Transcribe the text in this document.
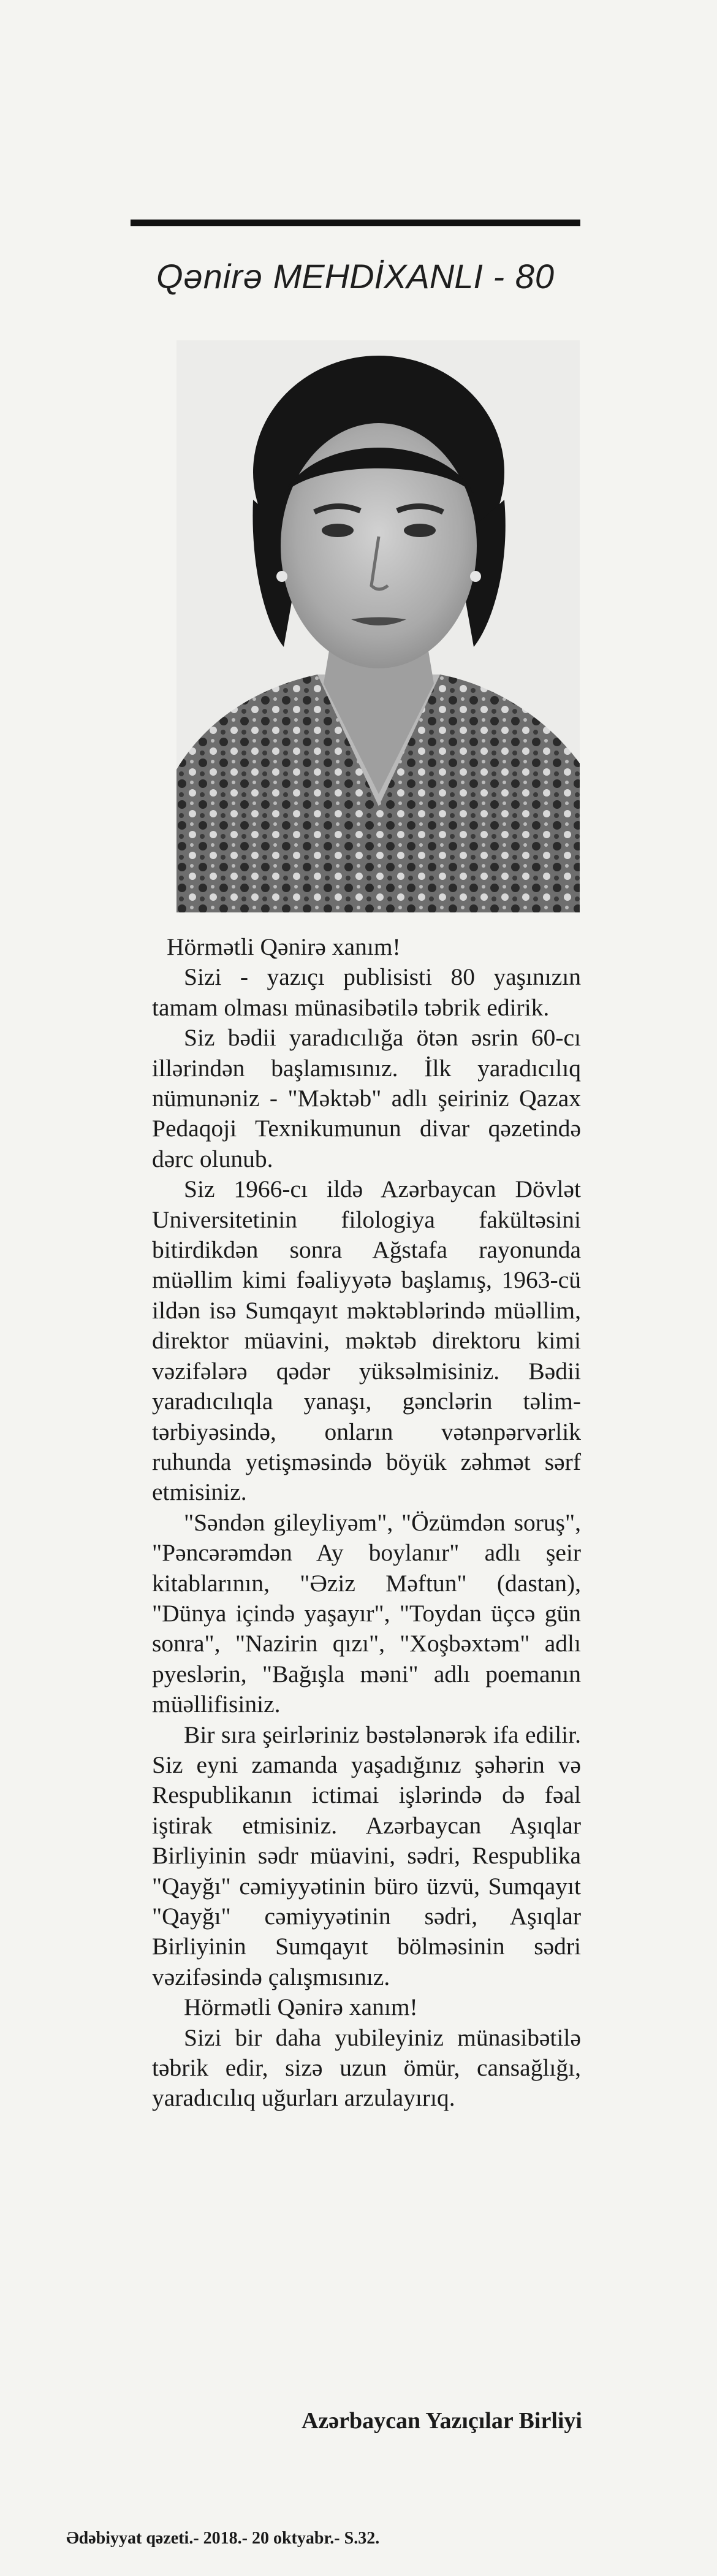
Qənirə MEHDİXANLI - 80

Hörmətli Qənirə xanım!

Sizi - yazıçı publisisti 80 yaşınızın tamam olması münasibətilə təbrik edirik.

Siz bədii yaradıcılığa ötən əsrin 60-cı illərindən başlamısınız. İlk yaradıcılıq nümunəniz - "Məktəb" adlı şeiriniz Qazax Pedaqoji Texnikumunun divar qəzetində dərc olunub.

Siz 1966-cı ildə Azərbaycan Dövlət Universitetinin filologiya fakültəsini bitirdikdən sonra Ağstafa rayonunda müəllim kimi fəaliyyətə başlamış, 1963-cü ildən isə Sumqayıt məktəblərində müəllim, direktor müavini, məktəb direktoru kimi vəzifələrə qədər yüksəlmisiniz. Bədii yaradıcılıqla yanaşı, gənclərin təlim-tərbiyəsində, onların vətənpərvərlik ruhunda yetişməsində böyük zəhmət sərf etmisiniz.

"Səndən gileyliyəm", "Özümdən soruş", "Pəncərəmdən Ay boylanır" adlı şeir kitablarının, "Əziz Məftun" (dastan), "Dünya içində yaşayır", "Toydan üçcə gün sonra", "Nazirin qızı", "Xoşbəxtəm" adlı pyeslərin, "Bağışla məni" adlı poemanın müəllifisiniz.

Bir sıra şeirləriniz bəstələnərək ifa edilir. Siz eyni zamanda yaşadığınız şəhərin və Respublikanın ictimai işlərində də fəal iştirak etmisiniz. Azərbaycan Aşıqlar Birliyinin sədr müavini, sədri, Respublika "Qayğı" cəmiyyətinin büro üzvü, Sumqayıt "Qayğı" cəmiyyətinin sədri, Aşıqlar Birliyinin Sumqayıt bölməsinin sədri vəzifəsində çalışmısınız.

Hörmətli Qənirə xanım!

Sizi bir daha yubileyiniz münasibətilə təbrik edir, sizə uzun ömür, cansağlığı, yaradıcılıq uğurları arzulayırıq.

Azərbaycan Yazıçılar Birliyi
Ədəbiyyat qəzeti.- 2018.- 20 oktyabr.- S.32.
